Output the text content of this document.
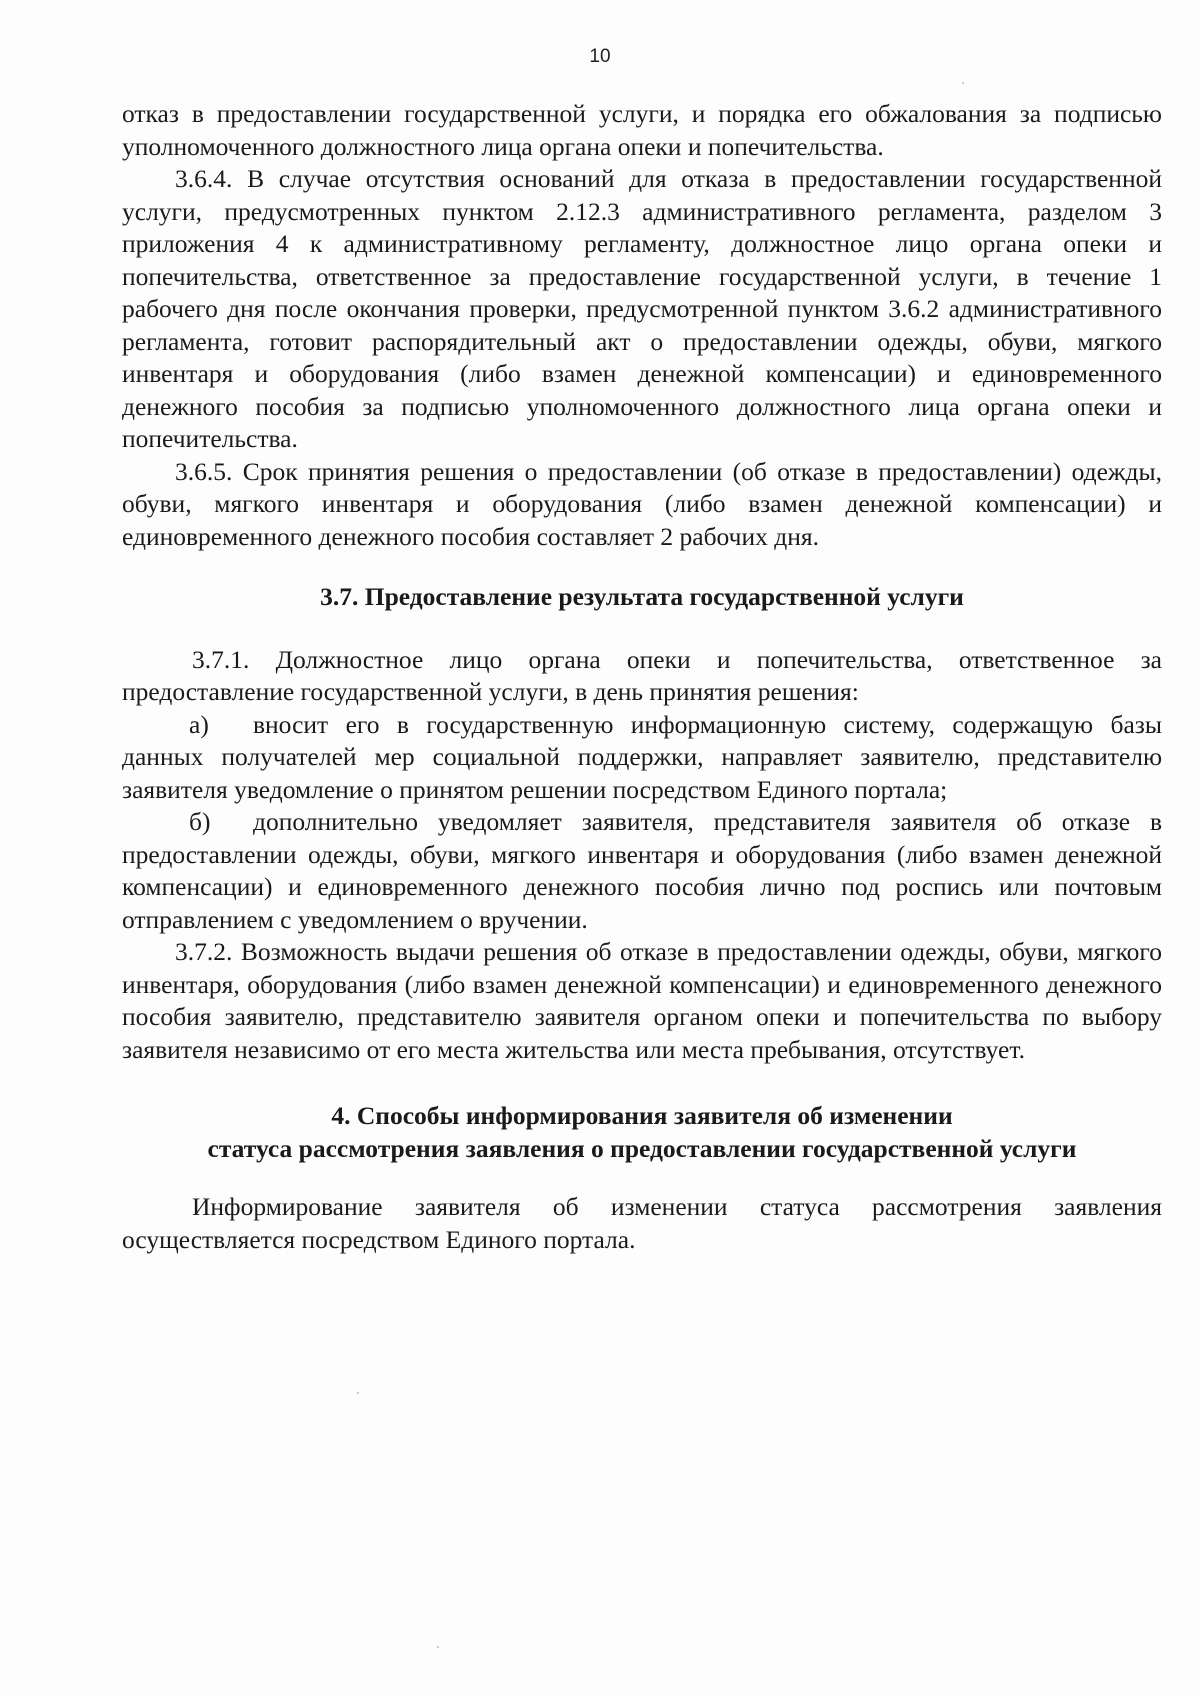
10

отказ в предоставлении государственной услуги, и порядка его обжалования за подписью уполномоченного должностного лица органа опеки и попечительства.

3.6.4. В случае отсутствия оснований для отказа в предоставлении государственной услуги, предусмотренных пунктом 2.12.3 административного регламента, разделом 3 приложения 4 к административному регламенту, должностное лицо органа опеки и попечительства, ответственное за предоставление государственной услуги, в течение 1 рабочего дня после окончания проверки, предусмотренной пунктом 3.6.2 административного регламента, готовит распорядительный акт о предоставлении одежды, обуви, мягкого инвентаря и оборудования (либо взамен денежной компенсации) и единовременного денежного пособия за подписью уполномоченного должностного лица органа опеки и попечительства.

3.6.5. Срок принятия решения о предоставлении (об отказе в предоставлении) одежды, обуви, мягкого инвентаря и оборудования (либо взамен денежной компенсации) и единовременного денежного пособия составляет 2 рабочих дня.

3.7. Предоставление результата государственной услуги

3.7.1. Должностное лицо органа опеки и попечительства, ответственное за предоставление государственной услуги, в день принятия решения:

а) вносит его в государственную информационную систему, содержащую базы данных получателей мер социальной поддержки, направляет заявителю, представителю заявителя уведомление о принятом решении посредством Единого портала;

б) дополнительно уведомляет заявителя, представителя заявителя об отказе в предоставлении одежды, обуви, мягкого инвентаря и оборудования (либо взамен денежной компенсации) и единовременного денежного пособия лично под роспись или почтовым отправлением с уведомлением о вручении.

3.7.2. Возможность выдачи решения об отказе в предоставлении одежды, обуви, мягкого инвентаря, оборудования (либо взамен денежной компенсации) и единовременного денежного пособия заявителю, представителю заявителя органом опеки и попечительства по выбору заявителя независимо от его места жительства или места пребывания, отсутствует.

4. Способы информирования заявителя об изменении
статуса рассмотрения заявления о предоставлении государственной услуги

Информирование заявителя об изменении статуса рассмотрения заявления осуществляется посредством Единого портала.
